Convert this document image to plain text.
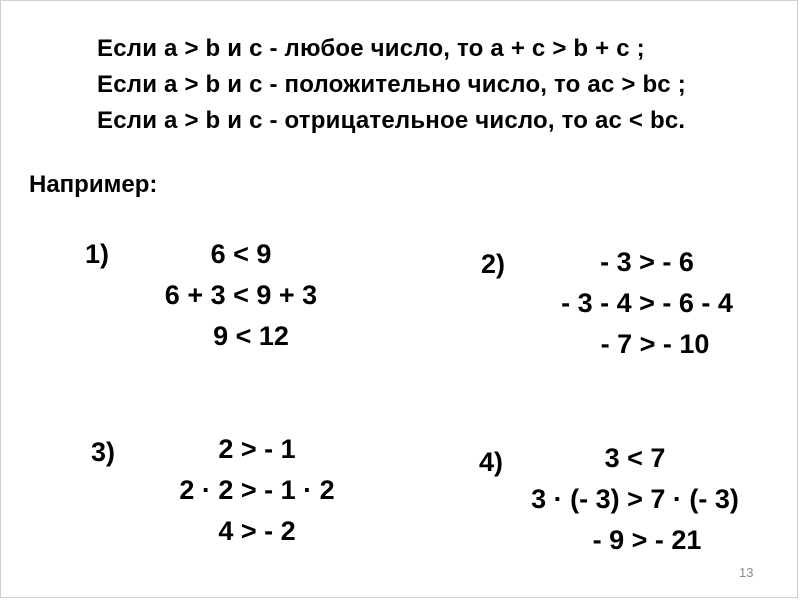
Если а > b и с - любое число, то а + с > b + с ;
Если а > b и с - положительно число, то ас > bс ;
Если а > b и с - отрицательное число, то ас < bс.
Например:
1)	6 < 9
6 + 3 < 9 + 3
9 < 12
2)	- 3 > - 6
- 3 - 4 > - 6 - 4
- 7 > - 10
3)	2 > - 1
2 · 2 > - 1 · 2
4 > - 2
4)	3 < 7
3 · (- 3) > 7 · (- 3)
- 9 > - 21
13
